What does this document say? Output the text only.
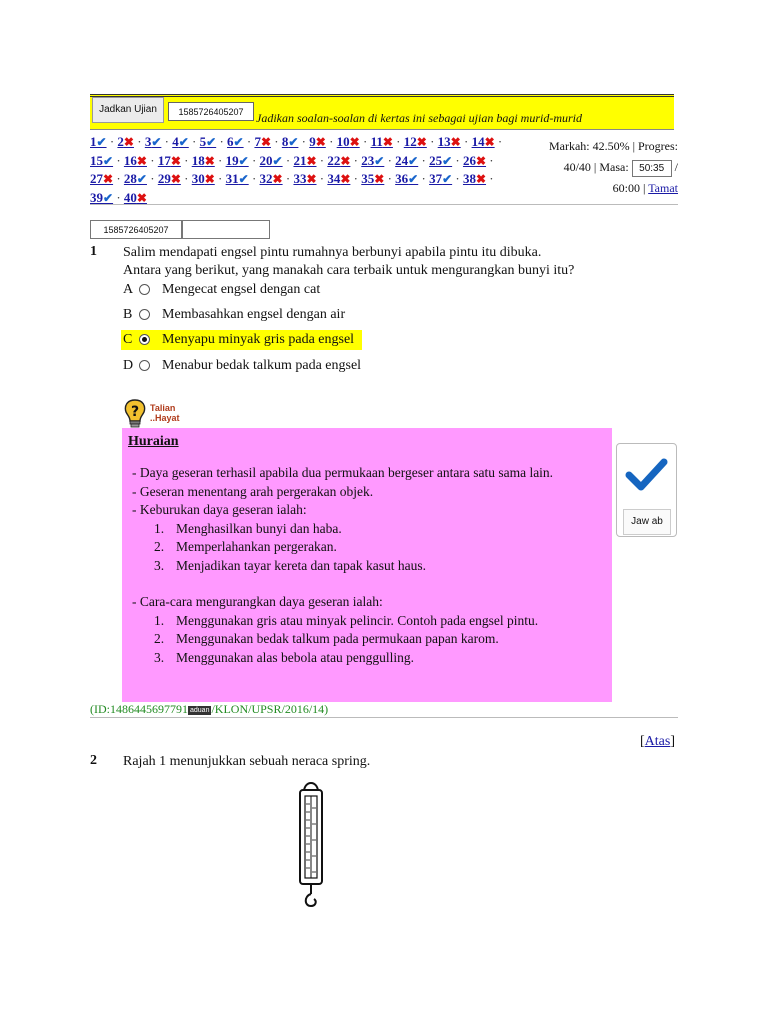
Jadkan Ujian	1585726405207	Jadikan soalan-soalan di kertas ini sebagai ujian bagi murid-murid
1✔ · 2✖ · 3✔ · 4✔ · 5✔ · 6✔ · 7✖ · 8✔ · 9✖ · 10✖ · 11✖ · 12✖ · 13✖ · 14✖ ·
15✔ · 16✖ · 17✖ · 18✖ · 19✔ · 20✔ · 21✖ · 22✖ · 23✔ · 24✔ · 25✔ · 26✖ ·
27✖ · 28✔ · 29✖ · 30✖ · 31✔ · 32✖ · 33✖ · 34✖ · 35✖ · 36✔ · 37✔ · 38✖ ·
39✔ · 40✖
Markah: 42.50% | Progres:
40/40 | Masa: 50:35 /
60:00 | Tamat
1585726405207
1 Salim mendapati engsel pintu rumahnya berbunyi apabila pintu itu dibuka.
Antara yang berikut, yang manakah cara terbaik untuk mengurangkan bunyi itu?
A Mengecat engsel dengan cat
B Membasahkan engsel dengan air
C Menyapu minyak gris pada engsel
D Menabur bedak talkum pada engsel
? Talian
..Hayat
Huraian
- Daya geseran terhasil apabila dua permukaan bergeser antara satu sama lain.
- Geseran menentang arah pergerakan objek.
- Keburukan daya geseran ialah:
1. Menghasilkan bunyi dan haba.
2. Memperlahankan pergerakan.
3. Menjadikan tayar kereta dan tapak kasut haus.
- Cara-cara mengurangkan daya geseran ialah:
1. Menggunakan gris atau minyak pelincir. Contoh pada engsel pintu.
2. Menggunakan bedak talkum pada permukaan papan karom.
3. Menggunakan alas bebola atau penggulling.
Jaw ab
(ID:1486445697791 aduan /KLON/UPSR/2016/14)
[Atas]
2 Rajah 1 menunjukkan sebuah neraca spring.
